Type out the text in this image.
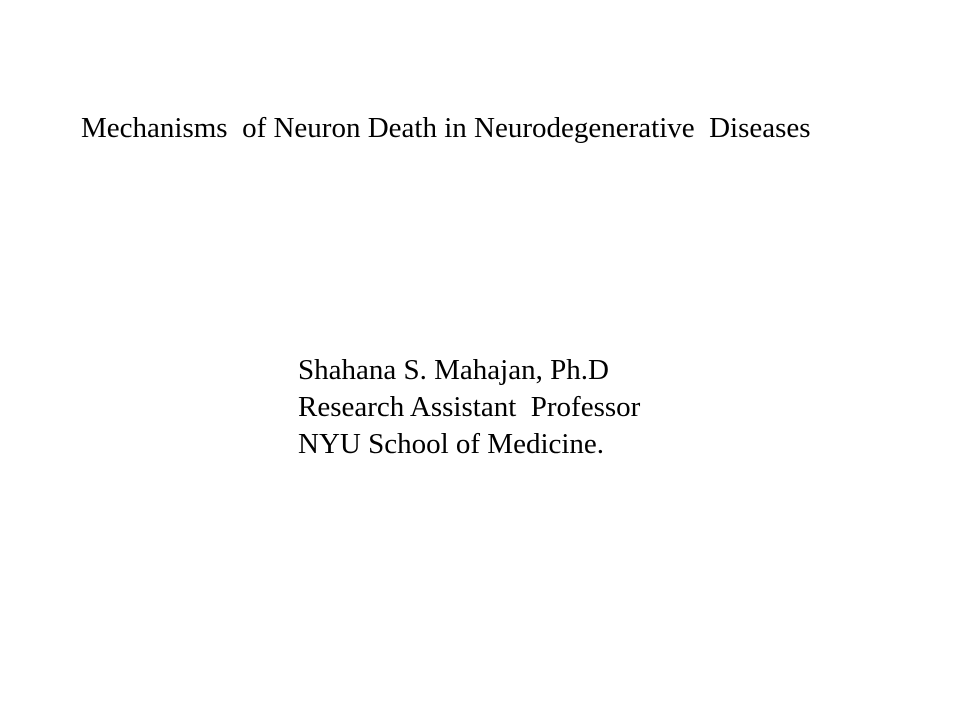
Mechanisms  of Neuron Death in Neurodegenerative  Diseases
Shahana S. Mahajan, Ph.D
Research Assistant  Professor
NYU School of Medicine.
